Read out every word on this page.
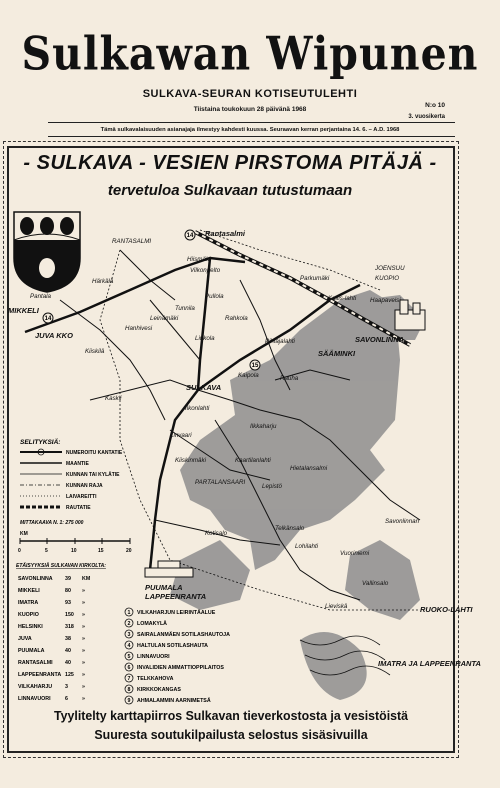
Sulkawan Wipunen
SULKAVA-SEURAN KOTISEUTULEHTI
Tiistaina toukokuun 28 päivänä 1968
N:o 10
3. vuosikerta
Tämä sulkavalaisuuden asianajaja ilmestyy kahdesti kuussa. Seuraavan kerran perjantaina 14. 6. – A.D. 1968
- SULKAVA - VESIEN PIRSTOMA PITÄJÄ -
tervetuloa Sulkavaan tutustumaan
14
15
14 Rantasalmi
RANTASALMI
Hiismäki
Vilkonpelto
Parkumäki
JOENSUU
KUOPIO
Kallis-lahti Haapaveisi
Härkälä
Pantala
MIKKELI
JUVA KKO
Tunnila
Pullola
Leinämäki	Rahkola
Hanhivesi
SAVONLINNA
SÄÄMINKI
Kiiskilä
Linkola	Pihlajalahti
SULKAVA
Kaipola
Kaskii
Rauha
Ilkonlahti
Linvaari
Ilkkaharju
Kaartilanlahti
PARTALANSAARI
Lepistö
Hietalansalmi
Kiiskinmäki
Kotisalo
Telkänsalo
Savonlinnan
Lohilahti
PUUMALA
LAPPEENRANTA
Vuoriniemi
Vallinsalo
Lieviskä	RUOKO-LAHTI
IMATRA JA LAPPEENRANTA
SELITYKSIÄ:
NUMEROITU KANTATIE
MAANTIE
KUNNAN TAI KYLÄTIE
KUNNAN RAJA
LAIVAREITTI
RAUTATIE
MITTAKAAVA N. 1: 275 000
KM
0	5	10	15	20
ETÄISYYKSIÄ SULKAVAN KIRKOLTA:
SAVONLINNA 39 KM
MIKKELI	80 »
IMATRA	93 »
KUOPIO	150 »
HELSINKI	318 »
JUVA	38 »
PUUMALA	40 »
RANTASALMI 40 »
LAPPEENRANTA 125 »
VILKAHARJU 3	»
LINNAVUORI	6	»
1 VILKAHARJUN LEIRINTÄALUE
2 LOMAKYLÄ
3 SAIRALANMÄEN SOTILASHAUTOJA
4 HALTULAN SOTILASHAUTA
5 LINNAVUORI
6 INVALIDIEN AMMATTIOPPILAITOS
7 TELKKAHOVA
8 KIRKKOKANGAS
9 AHMALAMMIN AARNIMETSÄ
Tyylitelty karttapiirros Sulkavan tieverkostosta ja vesistöistä
Suuresta soutukilpailusta selostus sisäsivuilla
